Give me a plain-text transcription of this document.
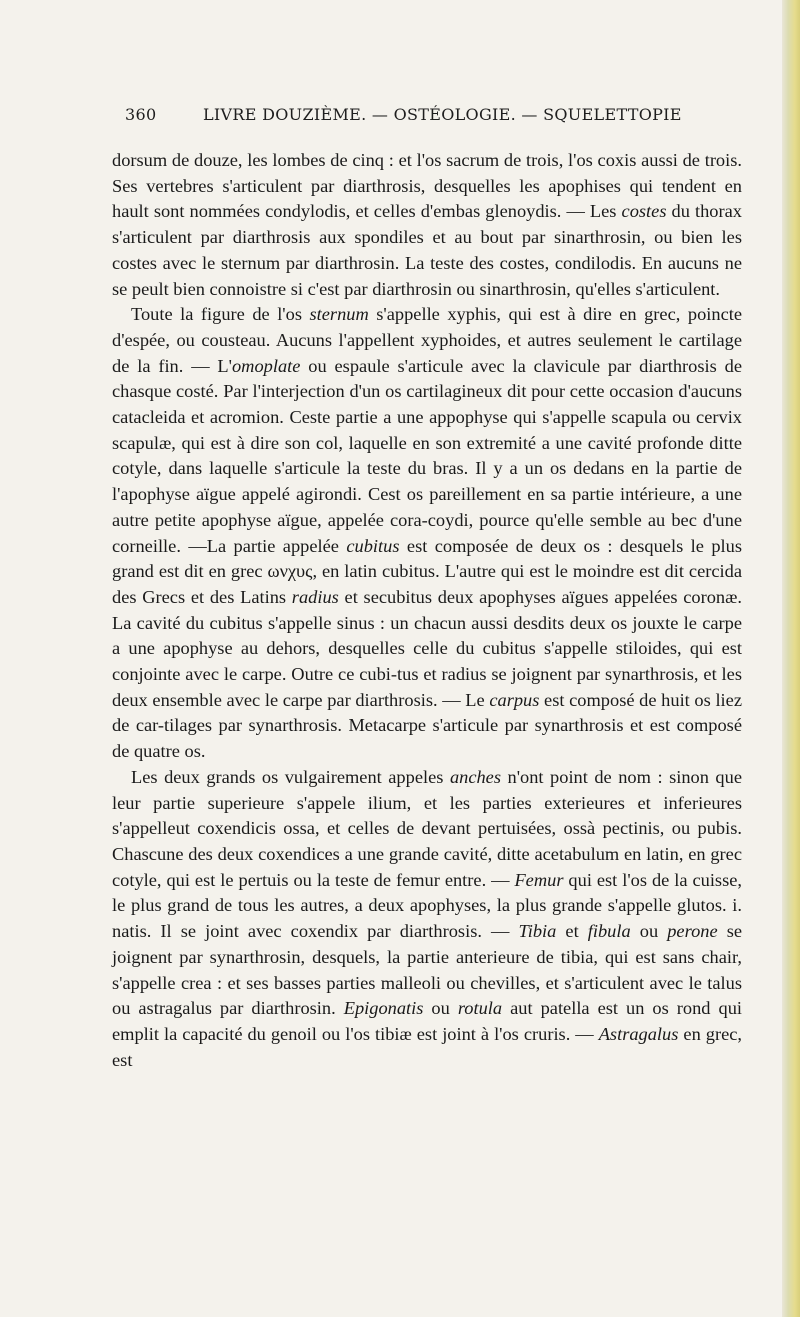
360	LIVRE DOUZIÈME. — OSTÉOLOGIE. — SQUELETTOPIE

dorsum de douze, les lombes de cinq : et l'os sacrum de trois, l'os coxis aussi de trois. Ses vertebres s'articulent par diarthrosis, desquelles les apophises qui tendent en hault sont nommées condylodis, et celles d'embas glenoydis. — Les costes du thorax s'articulent par diarthrosis aux spondiles et au bout par sinarthrosin, ou bien les costes avec le sternum par diarthrosin. La teste des costes, condilodis. En aucuns ne se peult bien connoistre si c'est par diarthrosin ou sinarthrosin, qu'elles s'articulent.

Toute la figure de l'os sternum s'appelle xyphis, qui est à dire en grec, poincte d'espée, ou cousteau. Aucuns l'appellent xyphoides, et autres seulement le cartilage de la fin. — L'omoplate ou espaule s'articule avec la clavicule par diarthrosis de chasque costé. Par l'interjection d'un os cartilagineux dit pour cette occasion d'aucuns catacleida et acromion. Ceste partie a une appophyse qui s'appelle scapula ou cervix scapulæ, qui est à dire son col, laquelle en son extremité a une cavité profonde ditte cotyle, dans laquelle s'articule la teste du bras. Il y a un os dedans en la partie de l'apophyse aïgue appelé agirondi. Cest os pareillement en sa partie intérieure, a une autre petite apophyse aïgue, appelée cora-coydi, pource qu'elle semble au bec d'une corneille. —La partie appelée cubitus est composée de deux os : desquels le plus grand est dit en grec ωνχυς, en latin cubitus. L'autre qui est le moindre est dit cercida des Grecs et des Latins radius et secubitus deux apophyses aïgues appelées coronæ. La cavité du cubitus s'appelle sinus : un chacun aussi desdits deux os jouxte le carpe a une apophyse au dehors, desquelles celle du cubitus s'appelle stiloides, qui est conjointe avec le carpe. Outre ce cubi-tus et radius se joignent par synarthrosis, et les deux ensemble avec le carpe par diarthrosis. — Le carpus est composé de huit os liez de car-tilages par synarthrosis. Metacarpe s'articule par synarthrosis et est composé de quatre os.

Les deux grands os vulgairement appeles anches n'ont point de nom : sinon que leur partie superieure s'appele ilium, et les parties exterieures et inferieures s'appelleut coxendicis ossa, et celles de devant pertuisées, ossà pectinis, ou pubis. Chascune des deux coxendices a une grande cavité, ditte acetabulum en latin, en grec cotyle, qui est le pertuis ou la teste de femur entre. — Femur qui est l'os de la cuisse, le plus grand de tous les autres, a deux apophyses, la plus grande s'appelle glutos. i. natis. Il se joint avec coxendix par diarthrosis. — Tibia et fibula ou perone se joignent par synarthrosin, desquels, la partie anterieure de tibia, qui est sans chair, s'appelle crea : et ses basses parties malleoli ou chevilles, et s'articulent avec le talus ou astragalus par diarthrosin. Epigonatis ou rotula aut patella est un os rond qui emplit la capacité du genoil ou l'os tibiæ est joint à l'os cruris. — Astragalus en grec, est
